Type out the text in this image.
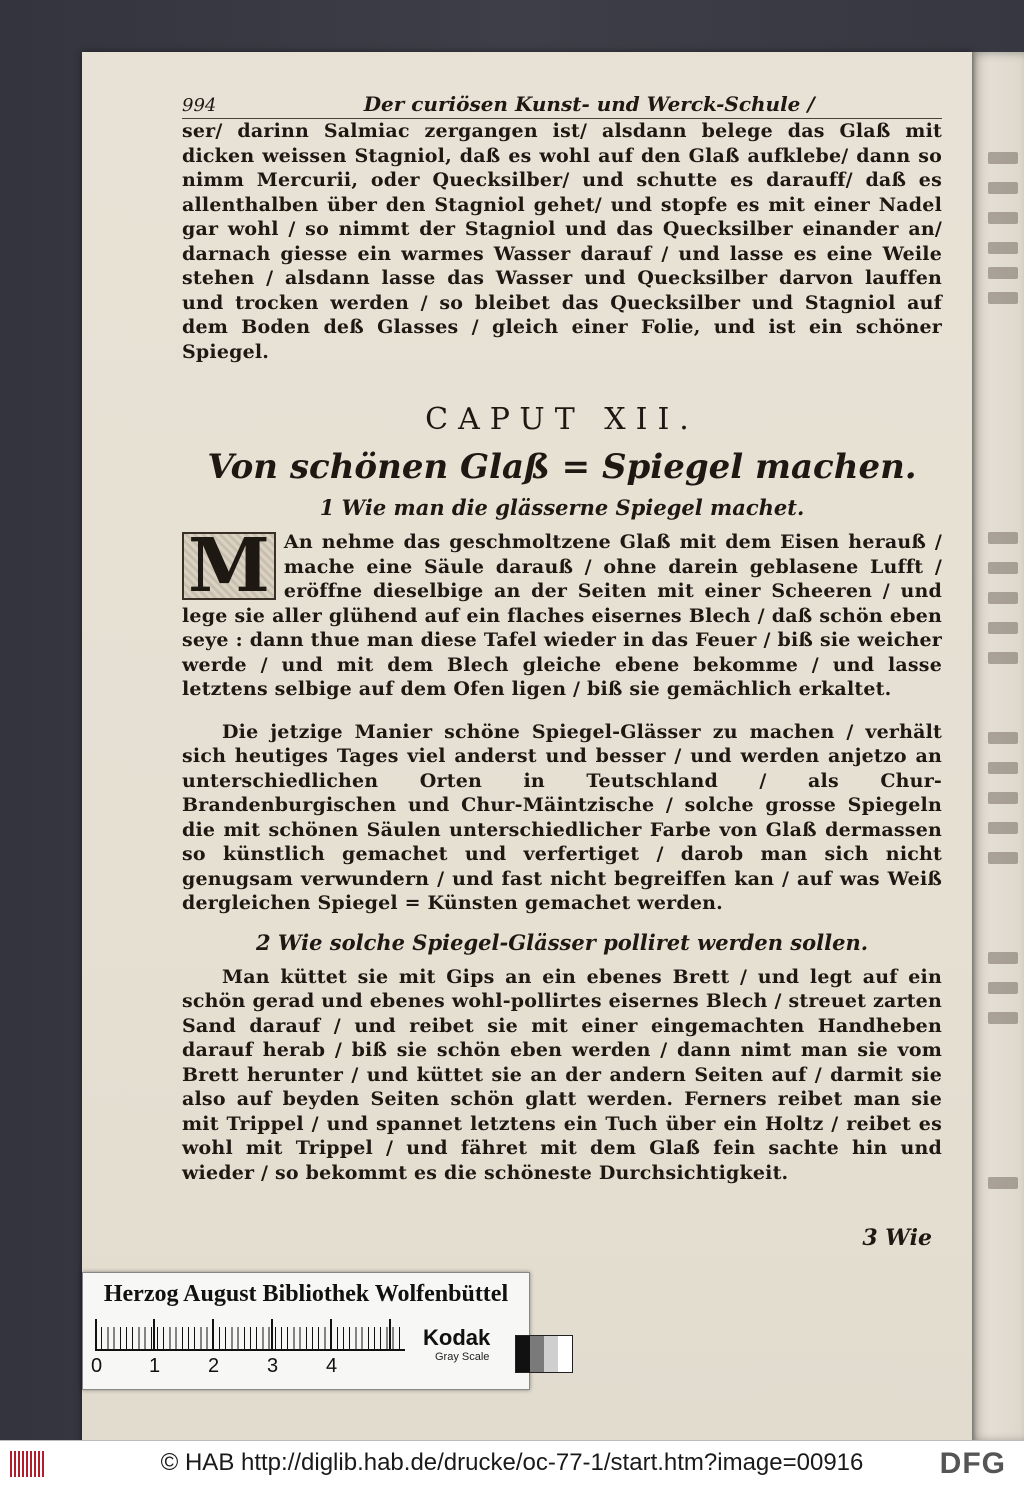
994	Der curiösen Kunst- und Werck-Schule /

ser/ darinn Salmiac zergangen ist/ alsdann belege das Glaß mit dicken weissen Stagniol, daß es wohl auf den Glaß aufklebe/ dann so nimm Mercurii, oder Quecksilber/ und schutte es darauff/ daß es allenthalben über den Stagniol gehet/ und stopfe es mit einer Nadel gar wohl / so nimmt der Stagniol und das Quecksilber einander an/ darnach giesse ein warmes Wasser darauf / und lasse es eine Weile stehen / alsdann lasse das Wasser und Quecksilber darvon lauffen und trocken werden / so bleibet das Quecksilber und Stagniol auf dem Boden deß Glasses / gleich einer Folie, und ist ein schöner Spiegel.

CAPUT XII.
Von schönen Glaß = Spiegel machen.
1 Wie man die glässerne Spiegel machet.
M An nehme das geschmoltzene Glaß mit dem Eisen herauß / mache eine Säule darauß / ohne darein geblasene Lufft / eröffne dieselbige an der Seiten mit einer Scheeren / und lege sie aller glühend auf ein flaches eisernes Blech / daß schön eben seye : dann thue man diese Tafel wieder in das Feuer / biß sie weicher werde / und mit dem Blech gleiche ebene bekomme / und lasse letztens selbige auf dem Ofen ligen / biß sie gemächlich erkaltet.

Die jetzige Manier schöne Spiegel-Glässer zu machen / verhält sich heutiges Tages viel anderst und besser / und werden anjetzo an unterschiedlichen Orten in Teutschland / als Chur-Brandenburgischen und Chur-Mäintzische / solche grosse Spiegeln die mit schönen Säulen unterschiedlicher Farbe von Glaß dermassen so künstlich gemachet und verfertiget / darob man sich nicht genugsam verwundern / und fast nicht begreiffen kan / auf was Weiß dergleichen Spiegel = Künsten gemachet werden.

2 Wie solche Spiegel-Glässer polliret werden sollen.

Man küttet sie mit Gips an ein ebenes Brett / und legt auf ein schön gerad und ebenes wohl-pollirtes eisernes Blech / streuet zarten Sand darauf / und reibet sie mit einer eingemachten Handheben darauf herab / biß sie schön eben werden / dann nimt man sie vom Brett herunter / und küttet sie an der andern Seiten auf / darmit sie also auf beyden Seiten schön glatt werden. Ferners reibet man sie mit Trippel / und spannet letztens ein Tuch über ein Holtz / reibet es wohl mit Trippel / und fähret mit dem Glaß fein sachte hin und wieder / so bekommt es die schöneste Durchsichtigkeit.

3 Wie
Herzog August Bibliothek Wolfenbüttel
0 1 2 3 4
Kodak
Gray Scale
© HAB http://diglib.hab.de/drucke/oc-77-1/start.htm?image=00916	DFG
